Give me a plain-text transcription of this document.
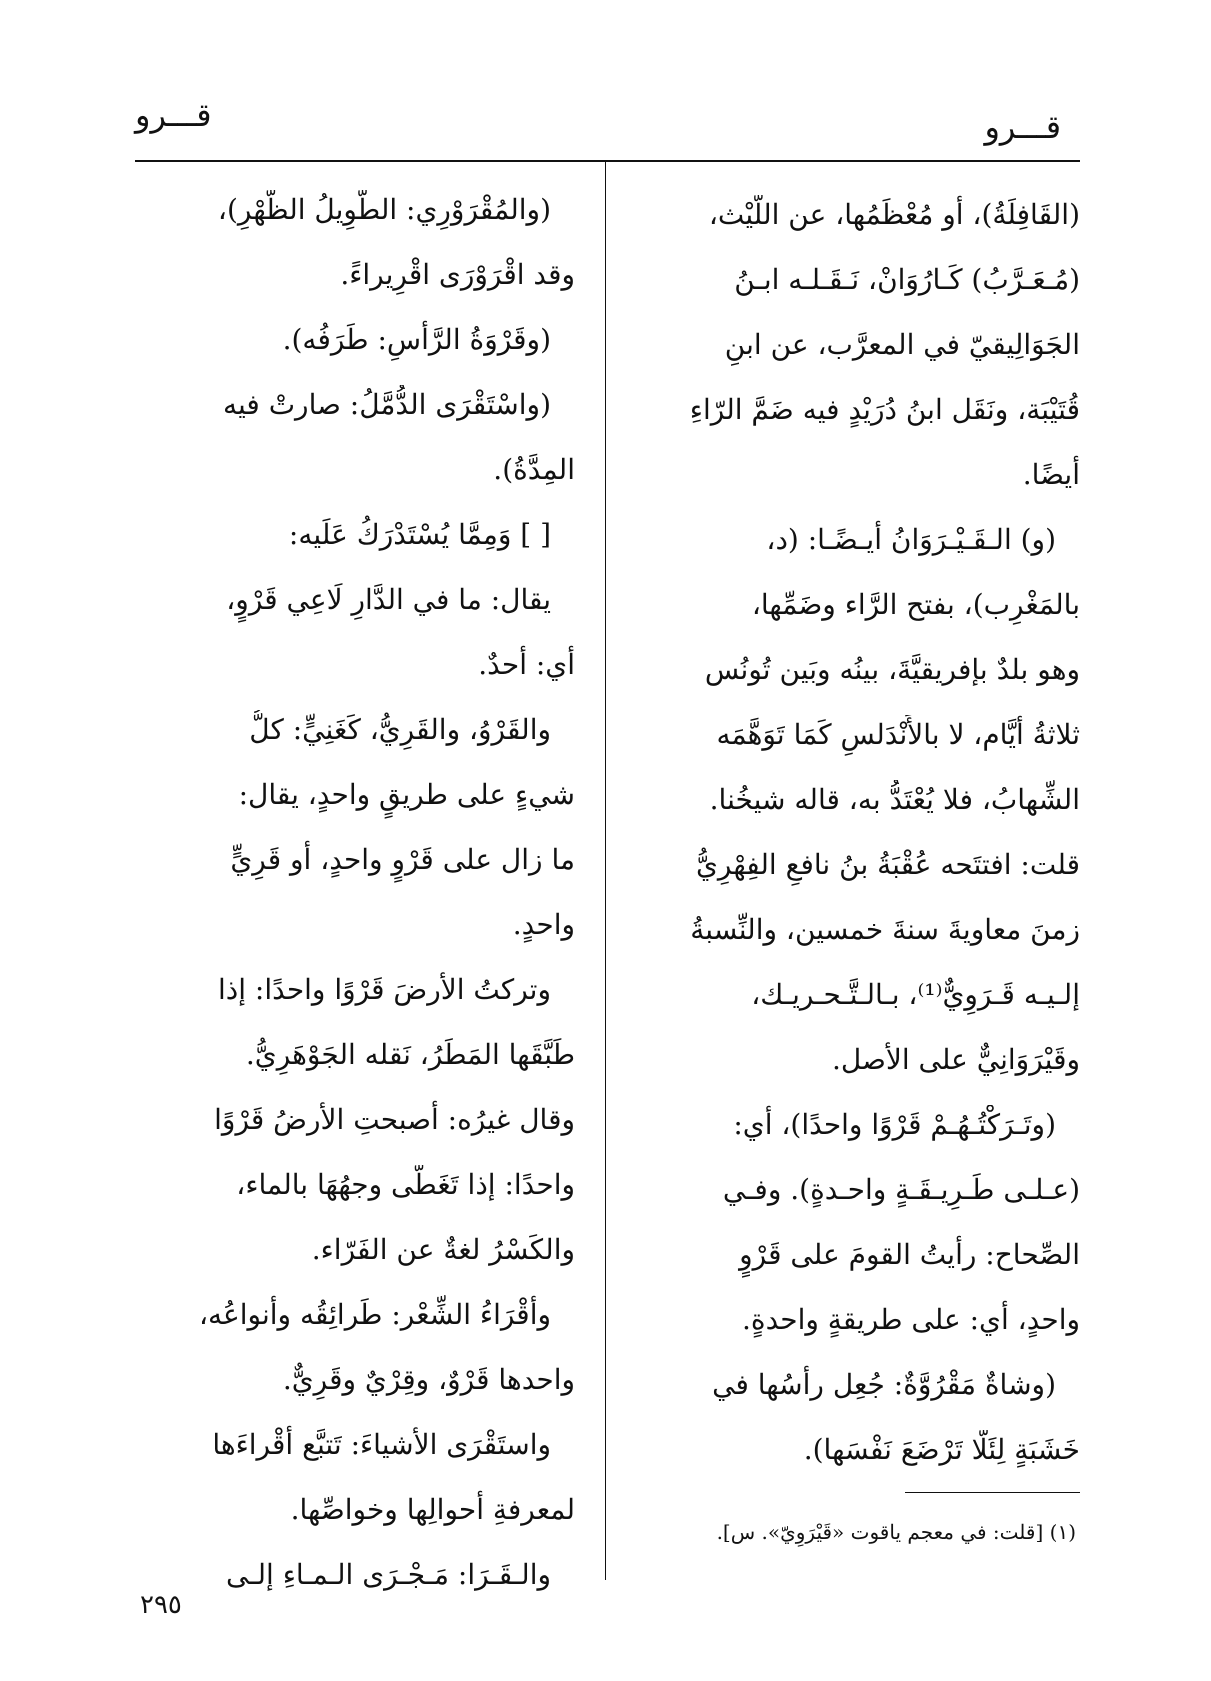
قـــرو	قـــرو
(القَافِلَةُ)، أَو مُعْظَمُها، عن اللَّيْث،
(مُـعَـرَّبُ) كَـارُوَانْ، نَـقَـلـه ابـنُ
الجَوَالِيقيّ في المعرَّب، عن ابنِ
قُتَيْبَة، ونَقَل ابنُ دُرَيْدٍ فيه ضَمَّ الرّاءِ
أيضًا.
(و) الـقَـيْـرَوَانُ أيـضًـا: (د،
بالمَغْرِب)، بفتح الرَّاء وضَمِّها،
وهو بلدٌ بإفريقيَّةَ، بينُه وبَين تُونُس
ثلاثةُ أَيَّام، لا بالأَنْدَلسِ كَمَا تَوَهَّمَه
الشِّهابُ، فلا يُعْتَدُّ به، قاله شيخُنا.
قلت: افتتَحه عُقْبَةُ بنُ نافعِ الفِهْرِيُّ
زمنَ معاويةَ سنةَ خمسين، والنِّسبةُ
إلـيـه قَـرَوِيٌّ⁽¹⁾، بـالـتَّـحـريـك،
وقَيْرَوَانِيٌّ على الأصل.
(وتَـرَكْتُـهُـمْ قَرْوًا واحدًا)، أي:
(عـلـى طَـرِيـقَـةٍ واحـدةٍ). وفـي
الصِّحاح: رأيتُ القومَ على قَرْوٍ
واحدٍ، أي: على طريقةٍ واحدةٍ.
(وشاةٌ مَقْرُوَّةٌ: جُعِل رأسُها في
خَشَبَةٍ لِئَلَّا تَرْضَعَ نَفْسَها).
(والمُقْرَوْرِي: الطَّوِيلُ الظَّهْرِ)،
وقد اقْرَوْرَى اقْرِيراءً.
(وقَرْوَةُ الرَّأْسِ: طَرَفُه).
(واسْتَقْرَى الدُّمَّلُ: صارتْ فيه
المِدَّةُ).
[ ] وَمِمَّا يُسْتَدْرَكُ عَلَيه:
يقال: ما في الدَّارِ لَاعِي قَرْوٍ،
أي: أحدٌ.
والقَرْوُ، والقَرِيُّ، كَغَنِيٍّ: كلُّ
شيءٍ على طريقٍ واحدٍ، يقال:
ما زال على قَرْوٍ واحدٍ، أو قَرِيٍّ
واحدٍ.
وتركتُ الأرضَ قَرْوًا واحدًا: إذا
طَبَّقَها المَطَرُ، نَقله الجَوْهَرِيُّ.
وقال غيرُه: أصبحتِ الأرضُ قَرْوًا
واحدًا: إذا تَغَطَّى وجهُهَا بالماء،
والكَسْرُ لغةٌ عن الفَرّاء.
وأَقْرَاءُ الشِّعْر: طَرائِقُه وأنواعُه،
واحدها قَرْوٌ، وقِرْيٌ وقَرِيٌّ.
واستَقْرَى الأشياءَ: تَتبَّع أَقْراءَها
لمعرفةِ أحوالِها وخواصِّها.
والـقَـرَا: مَـجْـرَى الـمـاءِ إلـى
(١) [قلت: في معجم ياقوت «قَيْرَوِيّ». س].
٢٩٥
